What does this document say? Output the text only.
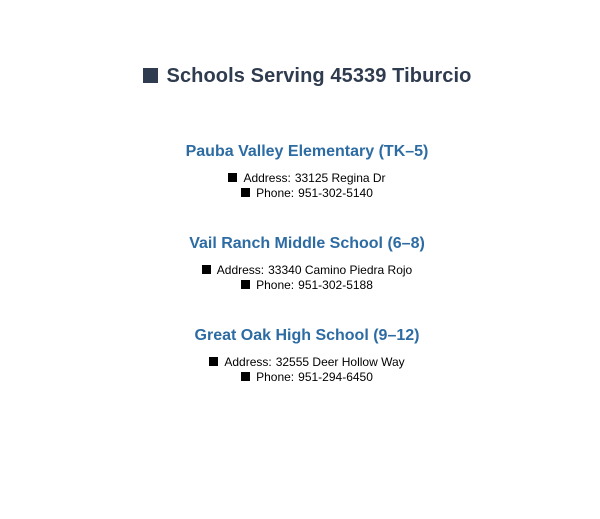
Schools Serving 45339 Tiburcio
Pauba Valley Elementary (TK–5)
Address: 33125 Regina Dr
Phone: 951-302-5140
Vail Ranch Middle School (6–8)
Address: 33340 Camino Piedra Rojo
Phone: 951-302-5188
Great Oak High School (9–12)
Address: 32555 Deer Hollow Way
Phone: 951-294-6450
